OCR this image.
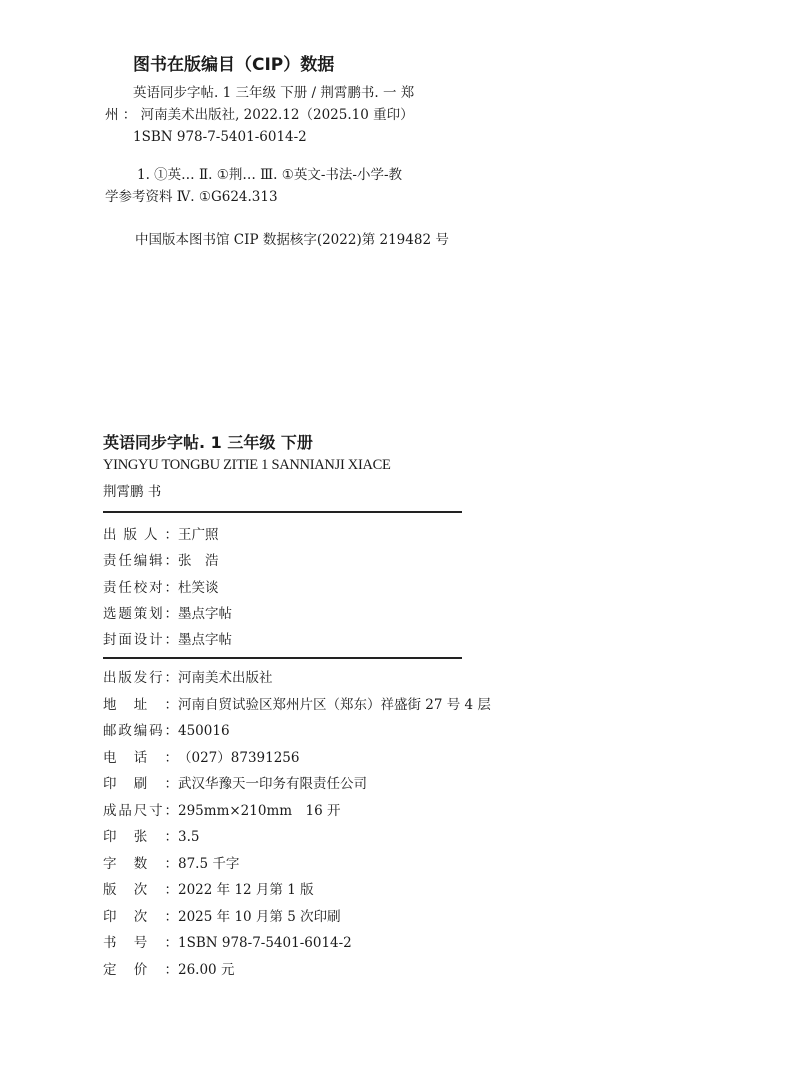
图书在版编目（CIP）数据
英语同步字帖. 1 三年级 下册 / 荆霄鹏书. 一 郑
州 ： 河南美术出版社, 2022.12（2025.10 重印）
1SBN 978-7-5401-6014-2
1. ①英… Ⅱ. ①荆… Ⅲ. ①英文-书法-小学-教
学参考资料 Ⅳ. ①G624.313
中国版本图书馆 CIP 数据核字(2022)第 219482 号
英语同步字帖. 1 三年级 下册
YINGYU TONGBU ZITIE 1 SANNIANJI XIACE
荆霄鹏 书
出版人：王广照
责任编辑：张　浩
责任校对：杜笑谈
选题策划：墨点字帖
封面设计：墨点字帖
出版发行：河南美术出版社
地址：河南自贸试验区郑州片区（郑东）祥盛街 27 号 4 层
邮政编码：450016
电话：（027）87391256
印刷：武汉华豫天一印务有限责任公司
成品尺寸：295mm×210mm　16 开
印张：3.5
字数：87.5 千字
版次：2022 年 12 月第 1 版
印次：2025 年 10 月第 5 次印刷
书号：1SBN 978-7-5401-6014-2
定价：26.00 元
